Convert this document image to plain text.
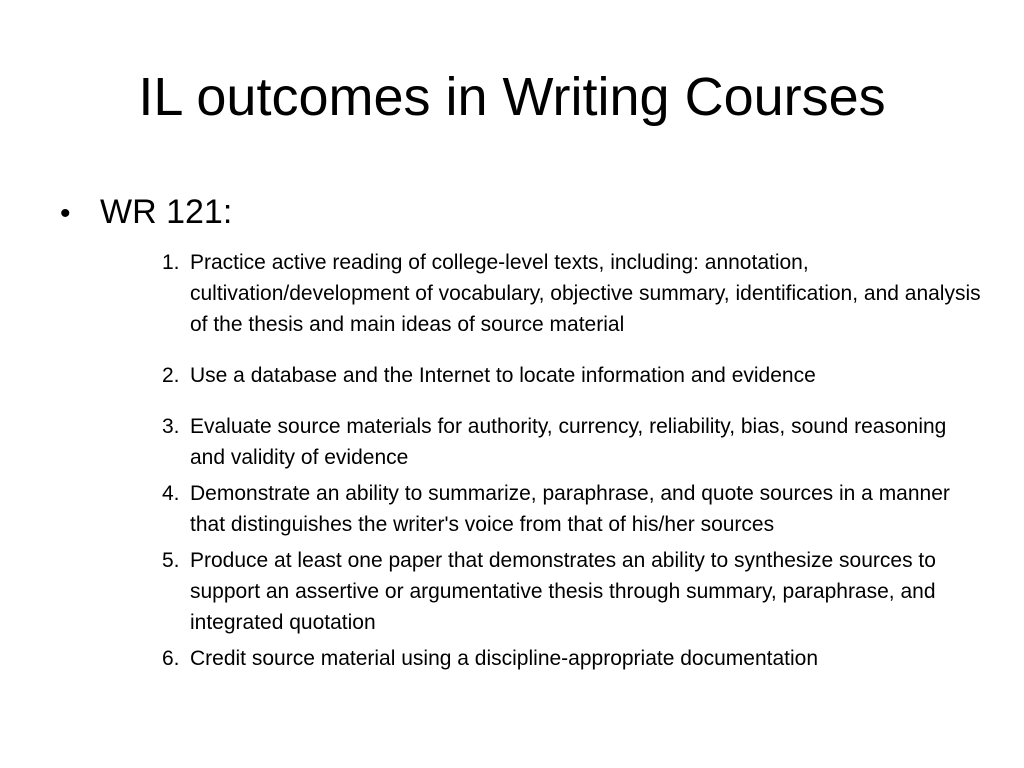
IL outcomes in Writing Courses
• WR 121:
1. Practice active reading of college-level texts, including: annotation, cultivation/development of vocabulary, objective summary, identification, and analysis of the thesis and main ideas of source material
2. Use a database and the Internet to locate information and evidence
3. Evaluate source materials for authority, currency, reliability, bias, sound reasoning and validity of evidence
4. Demonstrate an ability to summarize, paraphrase, and quote sources in a manner that distinguishes the writer's voice from that of his/her sources
5. Produce at least one paper that demonstrates an ability to synthesize sources to support an assertive or argumentative thesis through summary, paraphrase, and integrated quotation
6. Credit source material using a discipline-appropriate documentation
